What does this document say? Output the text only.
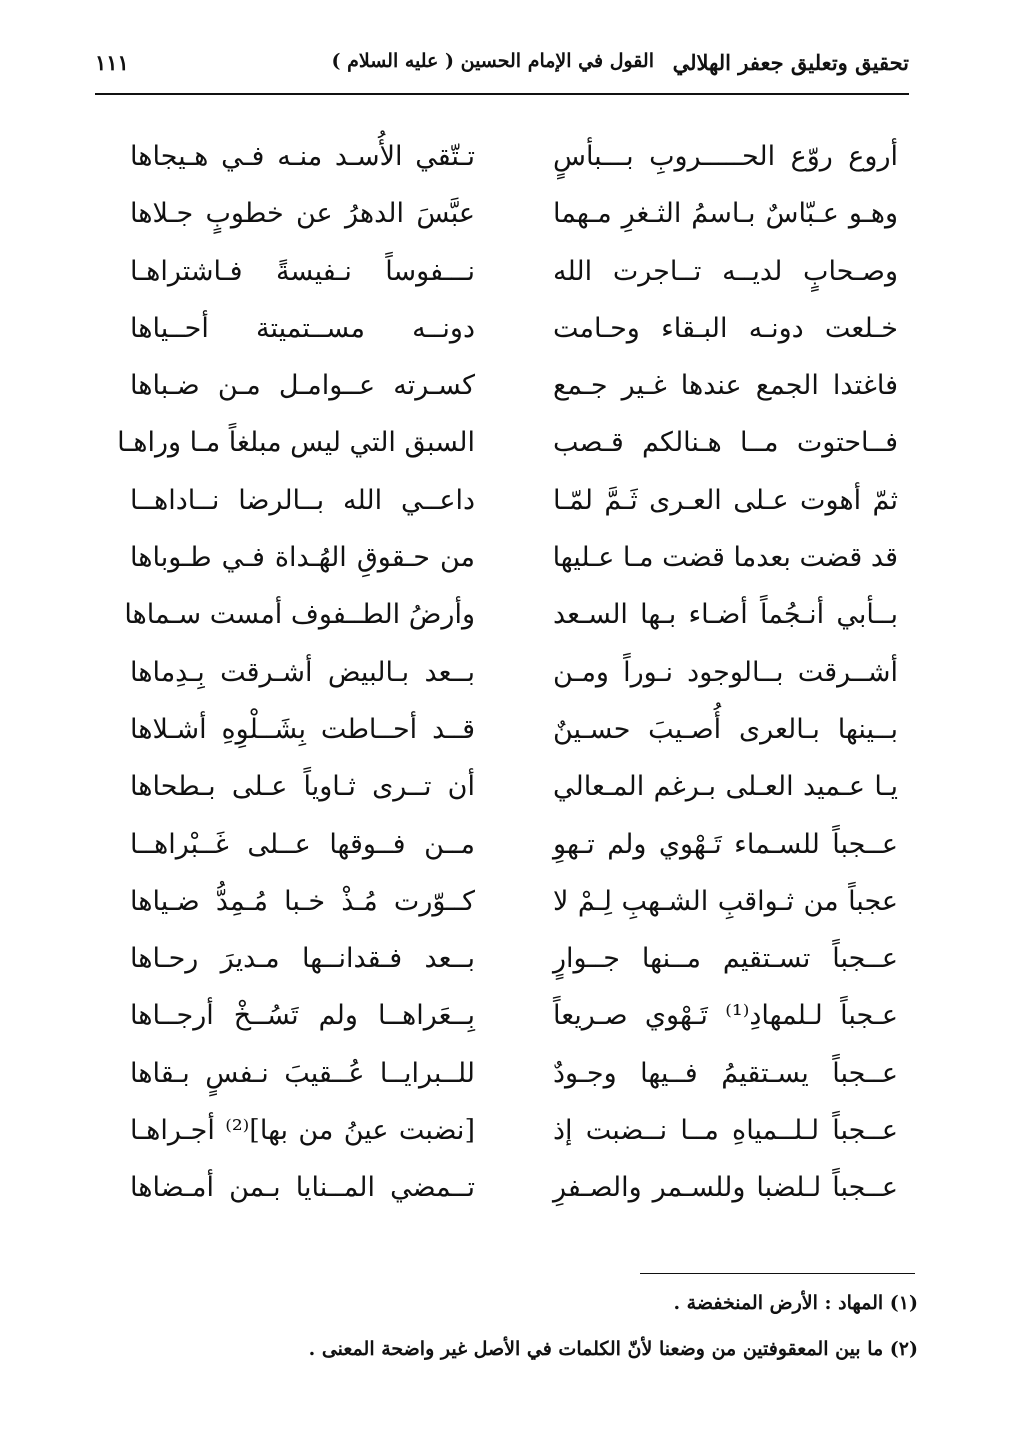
تحقيق وتعليق جعفر الهلالي
القول في الإمام الحسين ( عليه السلام )
١١١
أروع روّع الحـــــروبِ بـــبأسٍ
تـتّقي الأُسـد منـه فـي هـيجاها
وهـو عـبّاسٌ بـاسمُ الثـغرِ مـهما
عبَّسَ الدهرُ عن خطوبٍ جـلاها
وصـحابٍ لديــه تــاجرت الله
نـــفوساً نـفيسةً فـاشتراهـا
خـلعت دونـه البـقاء وحـامت
دونــه مســتميتة أحــياها
فاغتدا الجمع عندها غـير جـمع
كسـرته عــوامـل مـن ضـباها
فــاحتوت مــا هـنالكم قـصب
السبق التي ليس مبلغاً مـا وراهـا
ثمّ أهوت عـلى العـرى ثَـمَّ لمّـا
داعــي الله بــالرضا نــاداهــا
قد قضت بعدما قضت مـا عـليها
من حـقوقِ الهُـداة فـي طـوباها
بــأبي أنـجُماً أضـاء بـها السـعد
وأرضُ الطــفوف أمست سـماها
أشــرقت بــالوجود نـوراً ومـن
بــعد بـالبيض أشـرقت بِـدِماها
بــينها بـالعرى أُصـيبَ حسـينٌ
قــد أحــاطت بِشَــلْوِهِ أشـلاها
يـا عـميد العـلى بـرغم المـعالي
أن تــرى ثـاوياً عـلى بـطحاها
عــجباً للسـماء تَـهْوي ولم تـهوِ
مــن فــوقها عــلى غَــبْراهــا
عجباً من ثـواقبِ الشـهبِ لِـمْ لا
كــوّرت مُـذْ خـبا مُـمِدُّ ضـياها
عــجباً تسـتقيم مــنها جــوارٍ
بــعد فـقدانــها مـديرَ رحـاها
عـجباً لـلمهادِ⁽¹⁾ تَـهْوي صـريعاً
بِــعَراهــا ولم تَسُــخْ أرجــاها
عــجباً يسـتقيمُ فــيها وجـودٌ
للــبرايــا عُــقيبَ نـفسٍ بـقاها
عــجباً لـلــمياهِ مــا نــضبت إذ
[نضبت عينُ من بها]⁽²⁾ أجـراهـا
عــجباً لـلضبا وللسـمر والصـفرِ
تــمضي المــنايا بـمن أمـضاها
(١) المهاد : الأرض المنخفضة .
(٢) ما بين المعقوفتين من وضعنا لأنّ الكلمات في الأصل غير واضحة المعنى .
